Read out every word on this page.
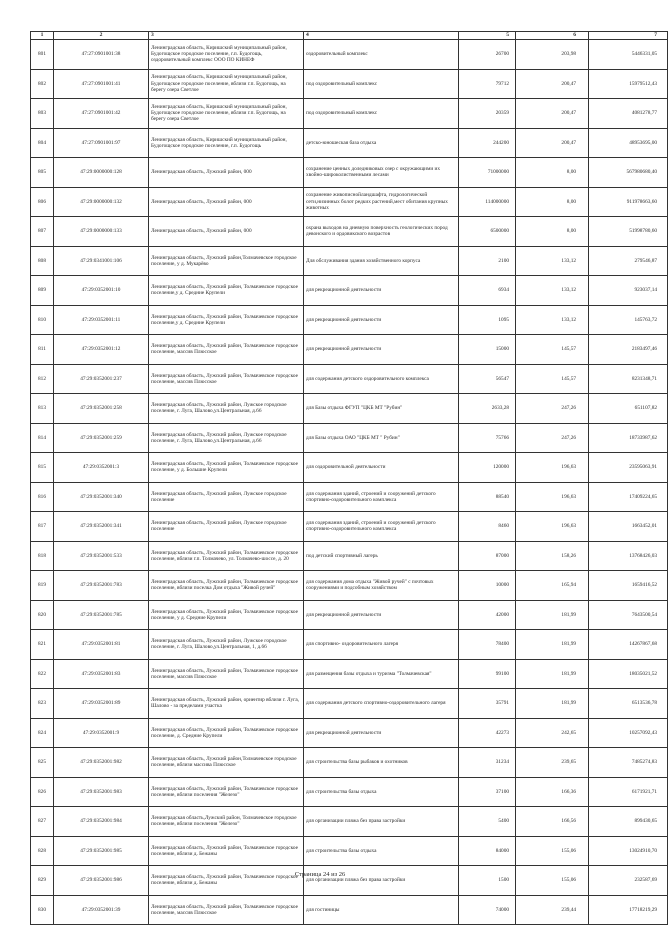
1	2	3	4	5	6	7
801	47:27:0901001:38	Ленинградская область, Киришский муниципальный район, Будогощское городское поселение, г.п. Будогощь, оздоровительный комплекс ООО ПО КИНЕФ	оздоровительный комплекс	26700	203,98	5446331,05
802	47:27:0901001:41	Ленинградская область, Киришский муниципальный район, Будогощское городское поселение, вблизи г.п. Будогощь, на берегу озера Светлое	под оздоровительный комплекс	79712	200,47	15979512,43
803	47:27:0901001:42	Ленинградская область, Киришский муниципальный район, Будогощское городское поселение, вблизи г.п. Будогощь, на берегу озера Светлое	под оздоровительный комплекс	20359	200,47	4081278,77
804	47:27:0901001:97	Ленинградская область, Киришский муниципальный район, Будогощское городское поселение, г.п. Будогощь	детско-юношеская база отдыха	244200	200,47	48953695,00
805	47:29:0000000:128	Ленинградская область, Лужский район, 000	сохранение ценных доледниковых озер с окружающими их хвойно-широколиственными лесами	71000000	8,00	567980680,40
806	47:29:0000000:132	Ленинградская область, Лужский район, 000	сохранение живописнойландшафта, гидрологической сети,низинных болот редких растений,мест обитания крупных животных	114000000	8,00	911978663,60
807	47:29:0000000:133	Ленинградская область, Лужский район, 000	охрана выходов на дневную поверхность геологических пород девонского и ордовикского возрастов	6500000	8,00	51998780,60
808	47:29:0341001:106	Ленинградская область, Лужский район,Толмачевское городское поселение, у д. Мукарёвo	Для обслуживания здания хозяйственного корпуса	2100	133,12	279546,87
809	47:29:0352001:10	Ленинградская область, Лужский район, Толмачевское городское поселение,у д. Средние Крупели	для рекреационной деятельности	6934	133,12	923037,14
810	47:29:0352001:11	Ленинградская область, Лужский район, Толмачевское городское поселение,у д. Средние Крупели	для рекреационной деятельности	1095	133,12	145763,72
811	47:29:0352001:12	Ленинградская область, Лужский район, Толмачевское городское поселение, массив Плюсское	для рекреационной деятельности	15000	145,57	2183497,46
812	47:29:0352001:237	Ленинградская область, Лужский район, Толмачевское городское поселение, массив Плюсское	для содержания детского оздоровительного комплекса	56547	145,57	8231348,71
813	47:29:0352001:258	Ленинградская область, Лужский район, Лужское городское поселение, г. Луга, Шалово,ул.Центральная, д.66	для Базы отдыха ФГУП "ЦКБ МТ "Рубин"	2633,28	247,26	651107,82
814	47:29:0352001:259	Ленинградская область, Лужский район, Лужское городское поселение, г. Луга, Шалово,ул.Центральная, д.66	для Базы отдыха ОАО "ЦКБ МТ " Рубин"	75766	247,26	18733987,62
815	47:29:0352001:3	Ленинградская область, Лужский район, Толмачевское городское поселение, у д. Большие Крупели	для оздоровительной деятельности	120000	196,63	23595063,91
816	47:29:0352001:340	Ленинградская область, Лужский район, Лужское городское поселение	для содержания зданий, строений и сооружений детского спортивно-оздоровительного комплекса	88540	196,63	17409224,65
817	47:29:0352001:341	Ленинградская область, Лужский район, Лужское городское поселение	для содержания зданий, строений и сооружений детского спортивно-оздоровительного комплекса	8460	196,63	1663452,01
818	47:29:0352001:533	Ленинградская область, Лужский район, Толмачевское городское поселение, вблизи г.п. Толмачево, ул. Толмачево-шоссе, д. 20	под детский спортивный лагерь	87000	158,26	13768426,03
819	47:29:0352001:783	Ленинградская область, Лужский район, Толмачевское городское поселение, вблизи поселка Дом отдыха "Живой ручей"	для содержания дома отдыха "Живой ручей" с почтовых сооружениями и подсобным хозяйством	10000	165,94	1659416,52
820	47:29:0352001:785	Ленинградская область, Лужский район, Толмачевское городское поселение, у д. Средние Крупели	для рекреационной деятельности	42000	181,99	7643500,54
821	47:29:0352001:81	Ленинградская область, Лужский район, Лужское городское поселение, г. Луга, Шалово,ул.Центральная, 1, д.66	для спортивно- оздоровительного лагеря	78400	181,99	14267867,68
822	47:29:0352001:83	Ленинградская область, Лужский район, Толмачевское городское поселение, массив Плюсское	для размещения базы отдыха и туризма "Толмачевская"	99100	181,99	18035021,52
823	47:29:0352001:89	Ленинградская область, Лужский район, ориентир вблизи г. Луга, Шалово - за пределами участка	для содержания детского спортивно-оздоровительного лагеря	35791	181,99	6513536,78
824	47:29:0352001:9	Ленинградская область, Лужский район, Толмачевское городское поселение, д. Средние Крупели	для рекреационной деятельности	42273	242,65	10257092,43
825	47:29:0352001:982	Ленинградская область, Лужский район,Толмачевское городское поселение, вблизи массива Плюсское	для строительства базы рыбаков и охотников	31234	239,65	7485274,83
826	47:29:0352001:983	Ленинградская область, Лужский район, Толмачевское городское поселение, вблизи поселения "Железо"	для строительства базы отдыха	37100	166,36	6171921,71
827	47:29:0352001:984	Ленинградская область,Лужский район, Толмачевское городское поселение, вблизи поселения "Железо"	для организации пляжа без права застройки	5400	166,56	899430,65
828	47:29:0352001:985	Ленинградская область, Лужский район, Толмачевское городское поселение, вблизи д. Бежаны	для строительства базы отдыха	84000	155,06	13024910,70
829	47:29:0352001:986	Ленинградская область, Лужский район, Толмачевское городское поселение, вблизи д. Бежаны	для организации пляжа без права застройки	1500	155,06	232587,69
830	47:29:0352001:39	Ленинградская область, Лужский район, Толмачевское городское поселение, массив Плюсское	для гостиницы	74000	239,44	17718219,29
Страница 24 из 26
